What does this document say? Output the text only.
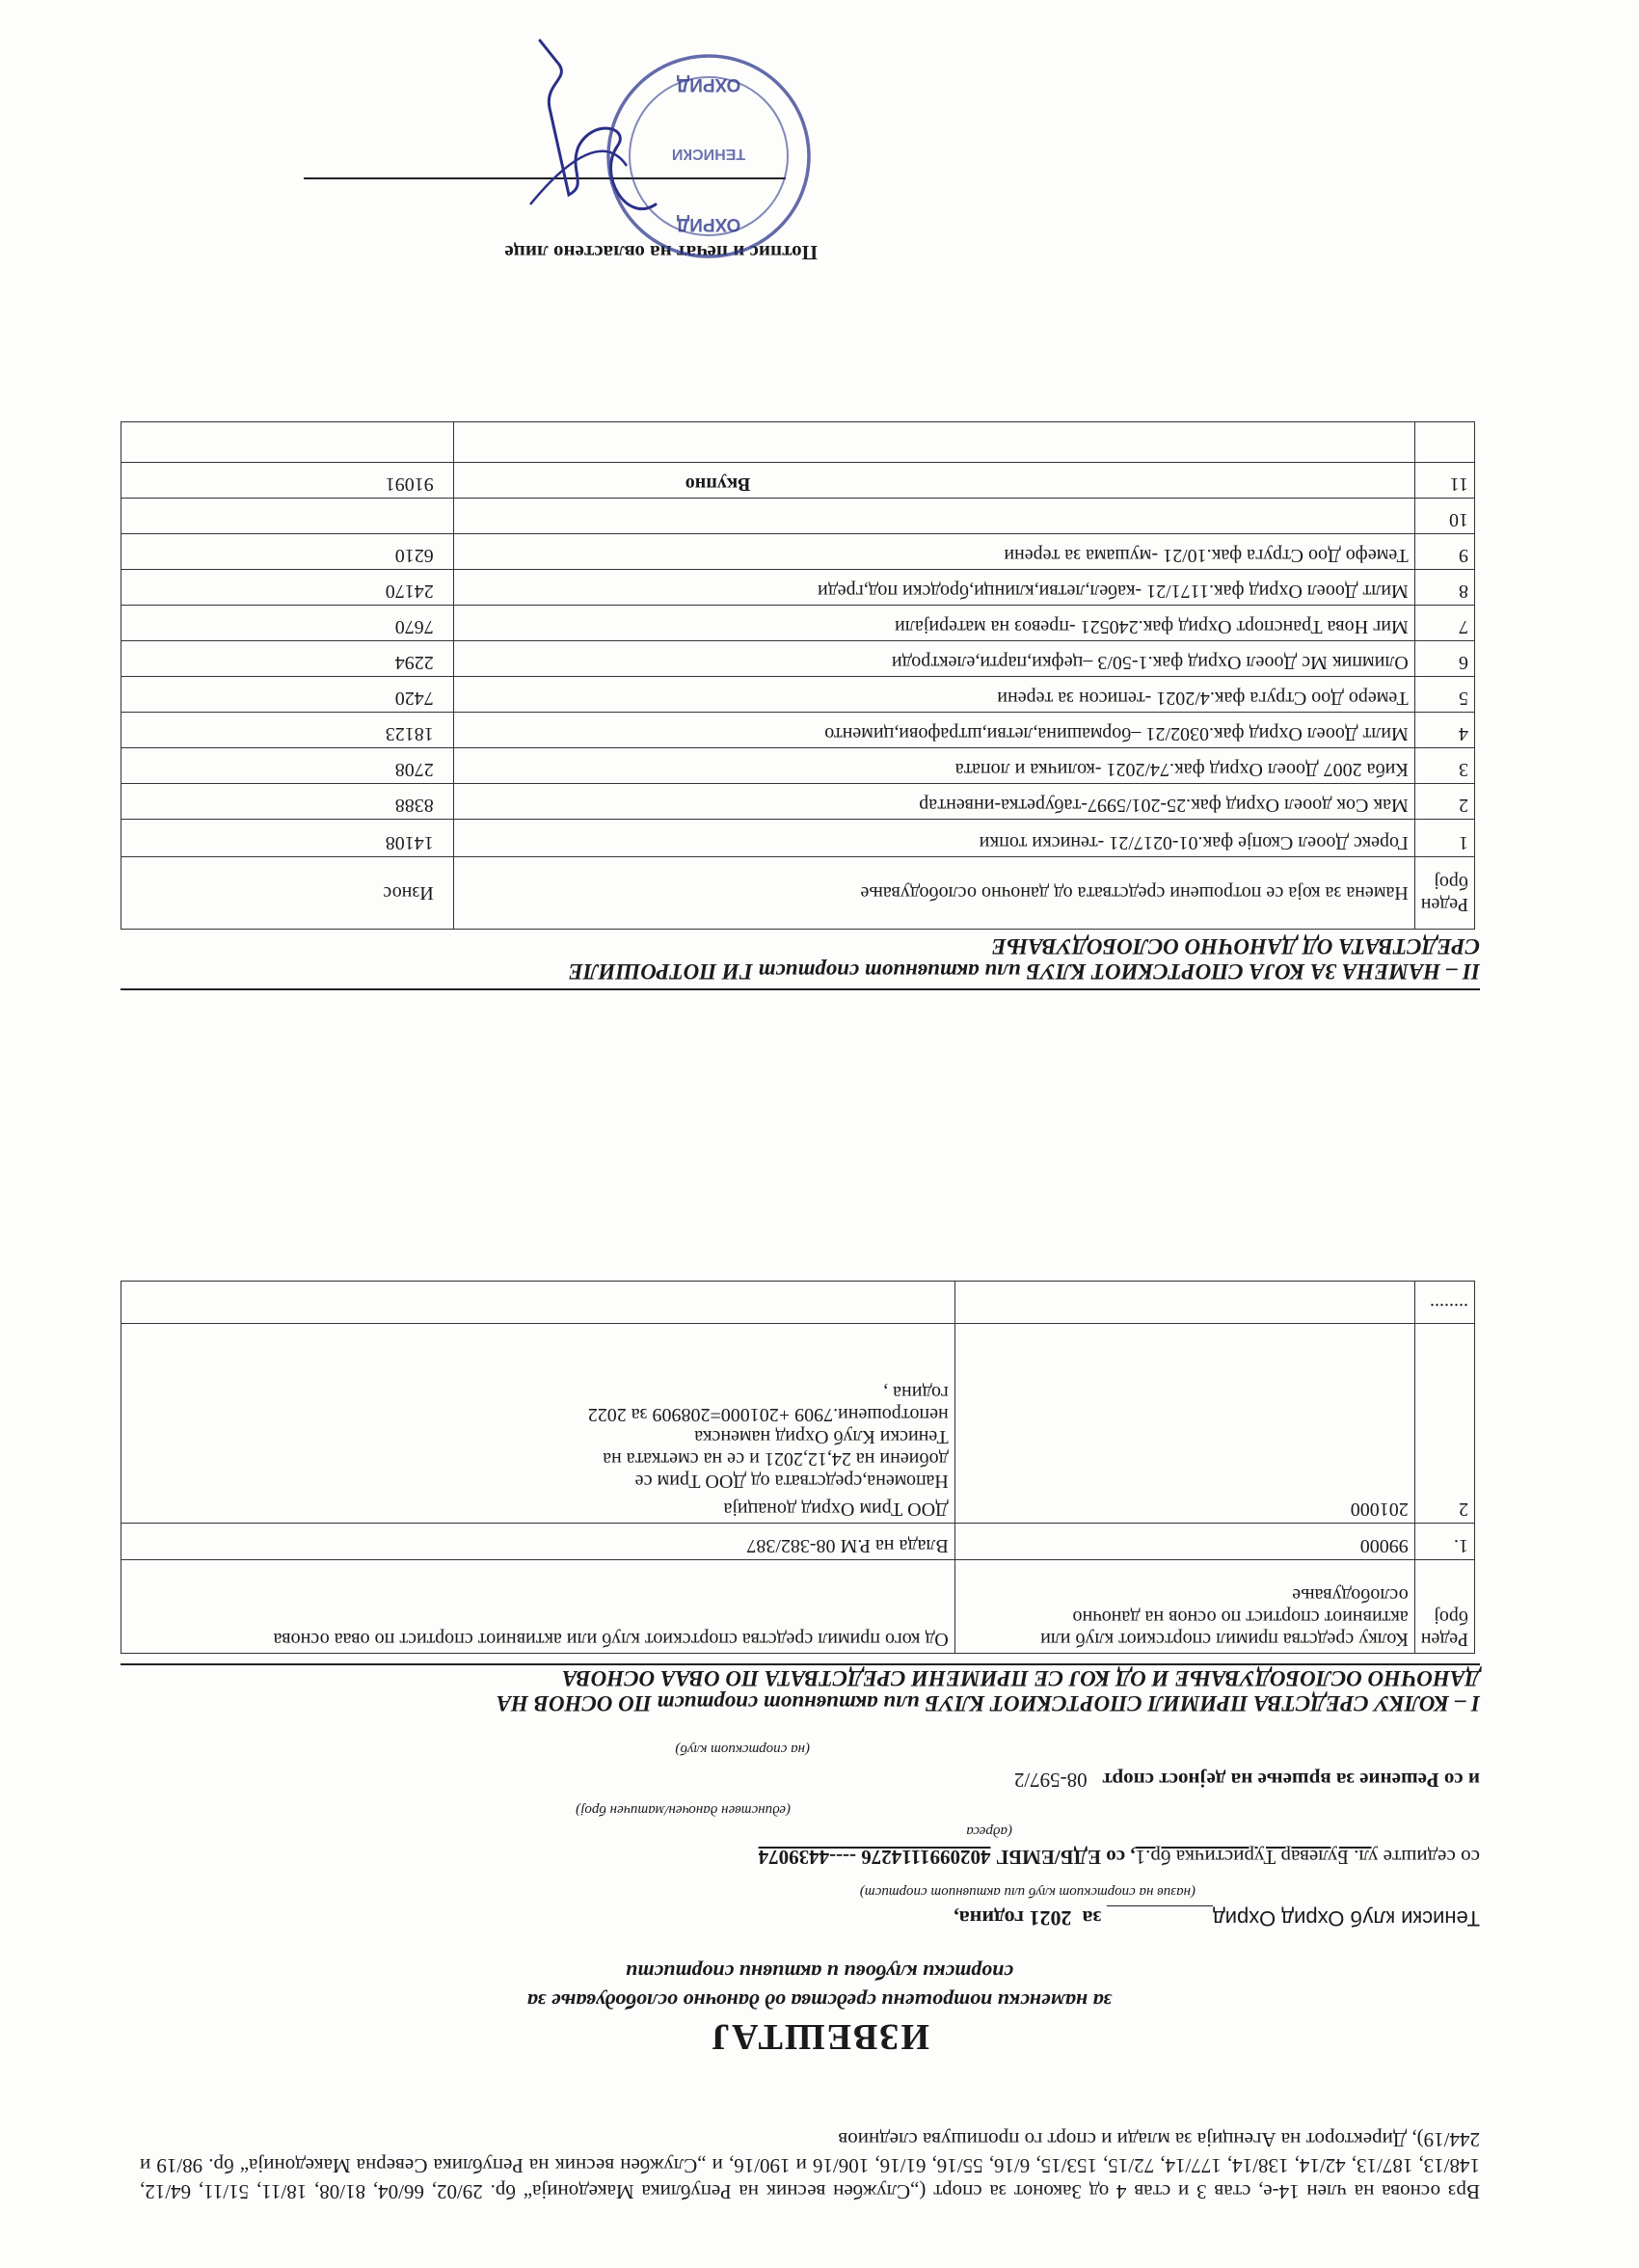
Врз основа на член 14-е, став 3 и став 4 од Законот за спорт („Службен весник на Република Македонија“ бр. 29/02, 66/04, 81/08, 18/11, 51/11, 64/12, 148/13, 187/13, 42/14, 138/14, 177/14, 72/15, 153/15, 6/16, 55/16, 61/16, 106/16 и 190/16, и „Службен весник на Република Северна Македонија“ бр. 98/19 и 244/19), Директорот на Агенција за млади и спорт го пропишува следниов
ИЗВЕШТАЈ
за наменски потрошени средства од даночно ослободување за
спортски клубови и активни спортисти
Тениски клуб Охрид Охрид за  2021 година,
(назив на спортскиот клуб или активниот спортист)
со седиште ул. Булевар Туристичка бр.1, со ЕДБ/ЕМБГ 4020991114276 ----4439074
(адреса
(единствен даночен/матичен број)
и со Решение за вршење на дејност спорт   08-597/2
(на спортскиот клуб)
I – КОЛКУ СРЕДСТВА ПРИМИЛ СПОРТСКИОТ КЛУБ или активниот спортист ПО ОСНОВ НА
ДАНОЧНО ОСЛОБОДУВАЊЕ И ОД КОЈ СЕ ПРИМЕНИ СРЕДСТВАТА ПО ОВАА ОСНОВА
Реден број	Колку средства примил спортскиот клуб или активниот спортист по основ на даночно ослободување	Од кого примил средства спортскиот клуб или активниот спортист по оваа основа
1.	99000	Влада на Р.М 08-382/387
2	201000	ДОО Трим Охрид донација
Напомена,средствата од ДОО Трим се добиени на 24,12,2021 и се на сметката на Тениски Клуб Охрид наменска непотрошени.7909 +201000=208909 за 2022 година ,

........		
II – НАМЕНА ЗА КОЈА СПОРТСКИОТ КЛУБ или активниот спортист ГИ ПОТРОШИЛЕ
СРЕДСТВАТА ОД ДАНОЧНО ОСЛОБОДУВАЊЕ
Реден број	Намена за која се потрошени средствата од даночно ослободување	Износ
1	Горекс Дооел Скопје фак.01-0217/21 -тениски топки	14108
2	Мак Сок дооел Охрид фак.25-201/5997-табуретка-инвентар	8388
3	Киба 2007 Дооел Охрид фак.74/2021 -количка и лопата	2708
4	Милт Дооел Охрид фак.0302/21 –бормашина,летви,штрафови,цименто	18123
5	Темеро Доо Струга фак.4/2021 -теписон за терени	7420
6	Олимпик Мс Дооел Охрид фак.1-50/3 –цефки,парти,електроди	2294
7	Миг Нова Транспорт Охрид фак.240521 -превоз на материјали	7670
8	Милт Дооел Охрид фак.1171/21 -кабел,летви,клинци,бродски под,греди	24170
9	Темефо Доо Струга фак.10/21 -мушама за терени	6210
10		
11	Вкупно	91091

Потпис и печат на овластено лице
ОХРИД
ТЕНИСКИ
ОХРИД
